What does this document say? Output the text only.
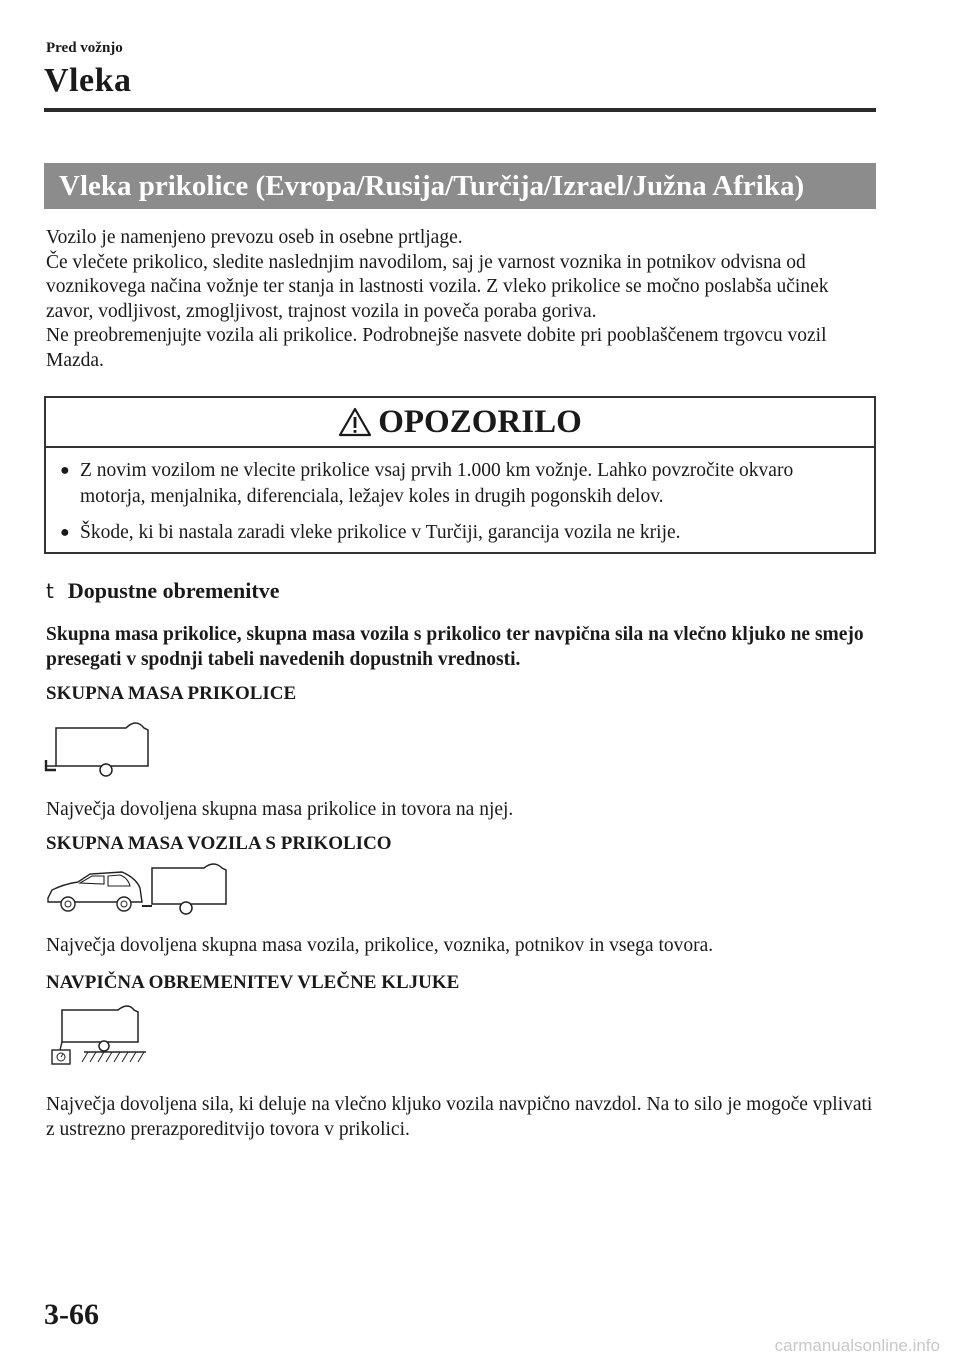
Pred vožnjo
Vleka
Vleka prikolice (Evropa/Rusija/Turčija/Izrael/Južna Afrika)

Vozilo je namenjeno prevozu oseb in osebne prtljage.

Če vlečete prikolico, sledite naslednjim navodilom, saj je varnost voznika in potnikov odvisna od voznikovega načina vožnje ter stanja in lastnosti vozila. Z vleko prikolice se močno poslabša učinek zavor, vodljivost, zmogljivost, trajnost vozila in poveča poraba goriva.

Ne preobremenjujte vozila ali prikolice. Podrobnejše nasvete dobite pri pooblaščenem trgovcu vozil Mazda.

OPOZORILO
● Z novim vozilom ne vlecite prikolice vsaj prvih 1.000 km vožnje. Lahko povzročite okvaro motorja, menjalnika, diferenciala, ležajev koles in drugih pogonskih delov.
● Škode, ki bi nastala zaradi vleke prikolice v Turčiji, garancija vozila ne krije.
t Dopustne obremenitve
Skupna masa prikolice, skupna masa vozila s prikolico ter navpična sila na vlečno kljuko ne smejo presegati v spodnji tabeli navedenih dopustnih vrednosti.
SKUPNA MASA PRIKOLICE
Največja dovoljena skupna masa prikolice in tovora na njej.
SKUPNA MASA VOZILA S PRIKOLICO
Največja dovoljena skupna masa vozila, prikolice, voznika, potnikov in vsega tovora.
NAVPIČNA OBREMENITEV VLEČNE KLJUKE
Največja dovoljena sila, ki deluje na vlečno kljuko vozila navpično navzdol. Na to silo je mogoče vplivati z ustrezno prerazporeditvijo tovora v prikolici.
3-66
carmanualsonline.info
